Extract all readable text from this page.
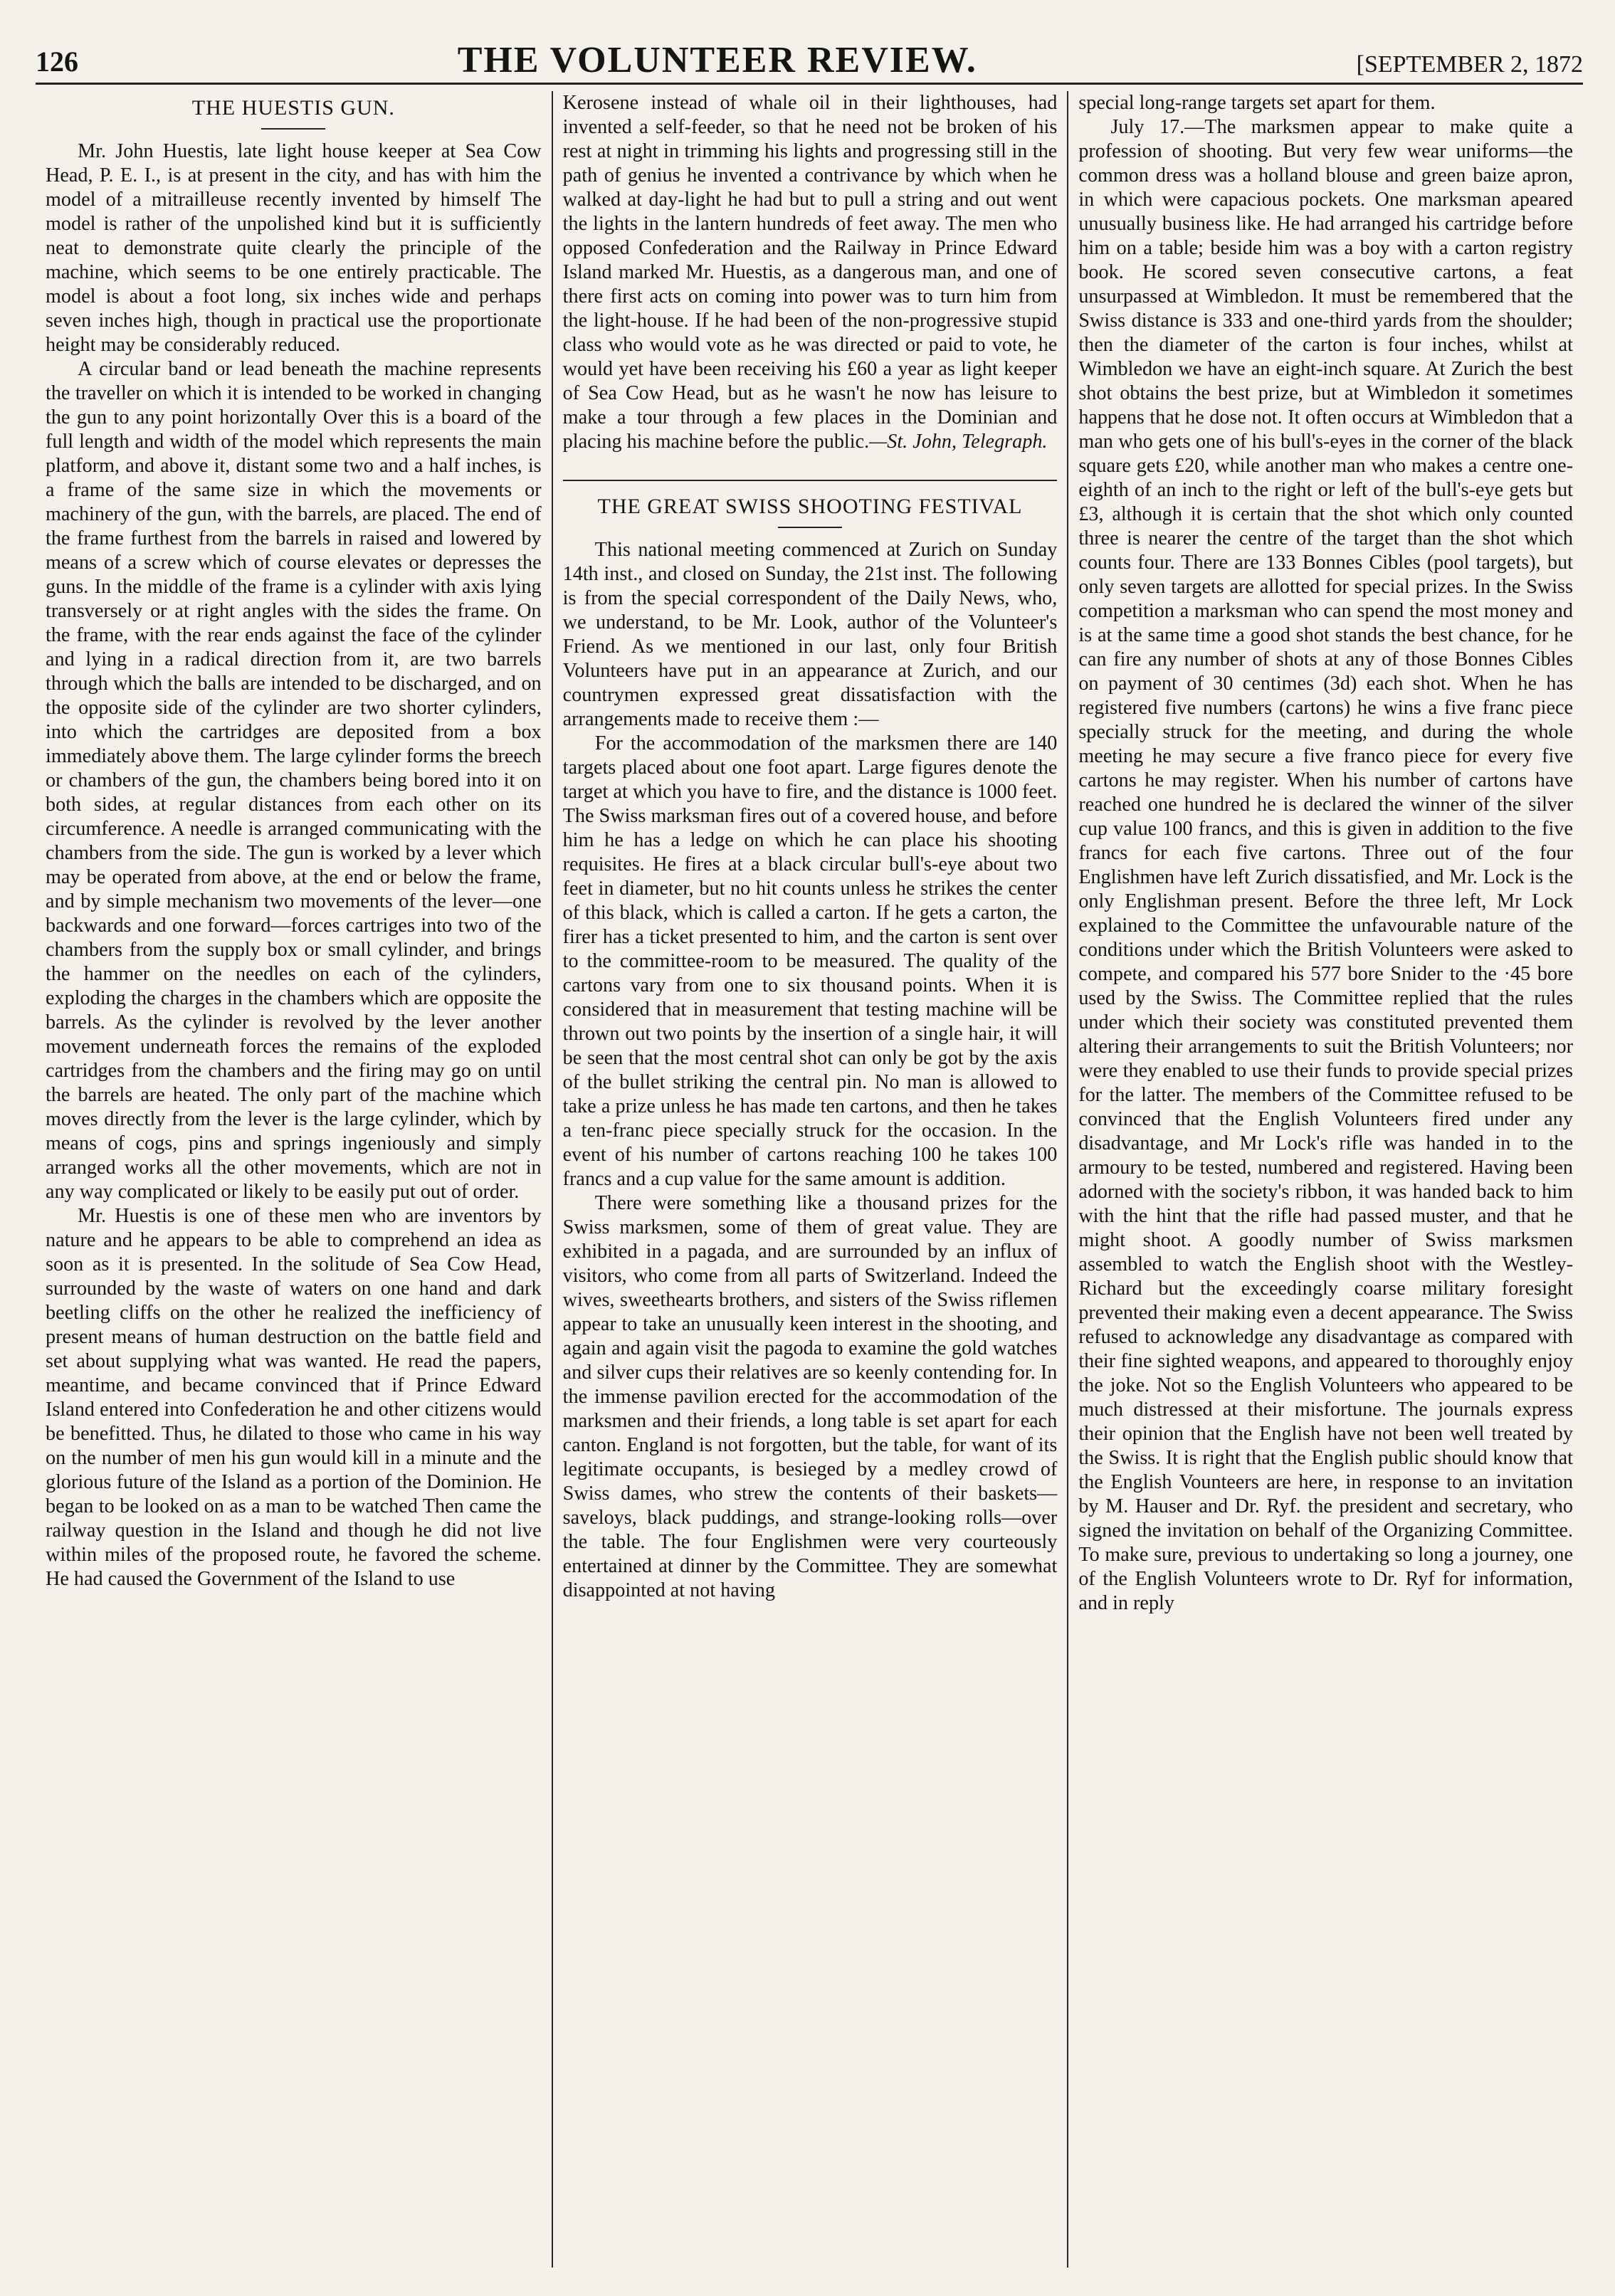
126	THE VOLUNTEER REVIEW.	[SEPTEMBER 2, 1872
THE HUESTIS GUN.

Mr. John Huestis, late light house keeper at Sea Cow Head, P. E. I., is at present in the city, and has with him the model of a mitrailleuse recently invented by himself The model is rather of the unpolished kind but it is sufficiently neat to demonstrate quite clearly the principle of the machine, which seems to be one entirely practicable. The model is about a foot long, six inches wide and perhaps seven inches high, though in practical use the proportionate height may be considerably reduced.

A circular band or lead beneath the machine represents the traveller on which it is intended to be worked in changing the gun to any point horizontally Over this is a board of the full length and width of the model which represents the main platform, and above it, distant some two and a half inches, is a frame of the same size in which the movements or machinery of the gun, with the barrels, are placed. The end of the frame furthest from the barrels in raised and lowered by means of a screw which of course elevates or depresses the guns. In the middle of the frame is a cylinder with axis lying transversely or at right angles with the sides the frame. On the frame, with the rear ends against the face of the cylinder and lying in a radical direction from it, are two barrels through which the balls are intended to be discharged, and on the opposite side of the cylinder are two shorter cylinders, into which the cartridges are deposited from a box immediately above them. The large cylinder forms the breech or chambers of the gun, the chambers being bored into it on both sides, at regular distances from each other on its circumference. A needle is arranged communicating with the chambers from the side. The gun is worked by a lever which may be operated from above, at the end or below the frame, and by simple mechanism two movements of the lever—one backwards and one forward—forces cartriges into two of the chambers from the supply box or small cylinder, and brings the hammer on the needles on each of the cylinders, exploding the charges in the chambers which are opposite the barrels. As the cylinder is revolved by the lever another movement underneath forces the remains of the exploded cartridges from the chambers and the firing may go on until the barrels are heated. The only part of the machine which moves directly from the lever is the large cylinder, which by means of cogs, pins and springs ingeniously and simply arranged works all the other movements, which are not in any way complicated or likely to be easily put out of order.

Mr. Huestis is one of these men who are inventors by nature and he appears to be able to comprehend an idea as soon as it is presented. In the solitude of Sea Cow Head, surrounded by the waste of waters on one hand and dark beetling cliffs on the other he realized the inefficiency of present means of human destruction on the battle field and set about supplying what was wanted. He read the papers, meantime, and became convinced that if Prince Edward Island entered into Confederation he and other citizens would be benefitted. Thus, he dilated to those who came in his way on the number of men his gun would kill in a minute and the glorious future of the Island as a portion of the Dominion. He began to be looked on as a man to be watched Then came the railway question in the Island and though he did not live within miles of the proposed route, he favored the scheme. He had caused the Government of the Island to use

Kerosene instead of whale oil in their lighthouses, had invented a self-feeder, so that he need not be broken of his rest at night in trimming his lights and progressing still in the path of genius he invented a contrivance by which when he walked at day-light he had but to pull a string and out went the lights in the lantern hundreds of feet away. The men who opposed Confederation and the Railway in Prince Edward Island marked Mr. Huestis, as a dangerous man, and one of there first acts on coming into power was to turn him from the light-house. If he had been of the non-progressive stupid class who would vote as he was directed or paid to vote, he would yet have been receiving his £60 a year as light keeper of Sea Cow Head, but as he wasn't he now has leisure to make a tour through a few places in the Dominian and placing his machine before the public.—St. John, Telegraph.

THE GREAT SWISS SHOOTING FESTIVAL

This national meeting commenced at Zurich on Sunday 14th inst., and closed on Sunday, the 21st inst. The following is from the special correspondent of the Daily News, who, we understand, to be Mr. Look, author of the Volunteer's Friend. As we mentioned in our last, only four British Volunteers have put in an appearance at Zurich, and our countrymen expressed great dissatisfaction with the arrangements made to receive them :—

For the accommodation of the marksmen there are 140 targets placed about one foot apart. Large figures denote the target at which you have to fire, and the distance is 1000 feet. The Swiss marksman fires out of a covered house, and before him he has a ledge on which he can place his shooting requisites. He fires at a black circular bull's-eye about two feet in diameter, but no hit counts unless he strikes the center of this black, which is called a carton. If he gets a carton, the firer has a ticket presented to him, and the carton is sent over to the committee-room to be measured. The quality of the cartons vary from one to six thousand points. When it is considered that in measurement that testing machine will be thrown out two points by the insertion of a single hair, it will be seen that the most central shot can only be got by the axis of the bullet striking the central pin. No man is allowed to take a prize unless he has made ten cartons, and then he takes a ten-franc piece specially struck for the occasion. In the event of his number of cartons reaching 100 he takes 100 francs and a cup value for the same amount is addition.

There were something like a thousand prizes for the Swiss marksmen, some of them of great value. They are exhibited in a pagada, and are surrounded by an influx of visitors, who come from all parts of Switzerland. Indeed the wives, sweethearts brothers, and sisters of the Swiss riflemen appear to take an unusually keen interest in the shooting, and again and again visit the pagoda to examine the gold watches and silver cups their relatives are so keenly contending for. In the immense pavilion erected for the accommodation of the marksmen and their friends, a long table is set apart for each canton. England is not forgotten, but the table, for want of its legitimate occupants, is besieged by a medley crowd of Swiss dames, who strew the contents of their baskets—saveloys, black puddings, and strange-looking rolls—over the table. The four Englishmen were very courteously entertained at dinner by the Committee. They are somewhat disappointed at not having

special long-range targets set apart for them.

July 17.—The marksmen appear to make quite a profession of shooting. But very few wear uniforms—the common dress was a holland blouse and green baize apron, in which were capacious pockets. One marksman apeared unusually business like. He had arranged his cartridge before him on a table; beside him was a boy with a carton registry book. He scored seven consecutive cartons, a feat unsurpassed at Wimbledon. It must be remembered that the Swiss distance is 333 and one-third yards from the shoulder; then the diameter of the carton is four inches, whilst at Wimbledon we have an eight-inch square. At Zurich the best shot obtains the best prize, but at Wimbledon it sometimes happens that he dose not. It often occurs at Wimbledon that a man who gets one of his bull's-eyes in the corner of the black square gets £20, while another man who makes a centre one-eighth of an inch to the right or left of the bull's-eye gets but £3, although it is certain that the shot which only counted three is nearer the centre of the target than the shot which counts four. There are 133 Bonnes Cibles (pool targets), but only seven targets are allotted for special prizes. In the Swiss competition a marksman who can spend the most money and is at the same time a good shot stands the best chance, for he can fire any number of shots at any of those Bonnes Cibles on payment of 30 centimes (3d) each shot. When he has registered five numbers (cartons) he wins a five franc piece specially struck for the meeting, and during the whole meeting he may secure a five franco piece for every five cartons he may register. When his number of cartons have reached one hundred he is declared the winner of the silver cup value 100 francs, and this is given in addition to the five francs for each five cartons. Three out of the four Englishmen have left Zurich dissatisfied, and Mr. Lock is the only Englishman present. Before the three left, Mr Lock explained to the Committee the unfavourable nature of the conditions under which the British Volunteers were asked to compete, and compared his 577 bore Snider to the ·45 bore used by the Swiss. The Committee replied that the rules under which their society was constituted prevented them altering their arrangements to suit the British Volunteers; nor were they enabled to use their funds to provide special prizes for the latter. The members of the Committee refused to be convinced that the English Volunteers fired under any disadvantage, and Mr Lock's rifle was handed in to the armoury to be tested, numbered and registered. Having been adorned with the society's ribbon, it was handed back to him with the hint that the rifle had passed muster, and that he might shoot. A goodly number of Swiss marksmen assembled to watch the English shoot with the Westley-Richard but the exceedingly coarse military foresight prevented their making even a decent appearance. The Swiss refused to acknowledge any disadvantage as compared with their fine sighted weapons, and appeared to thoroughly enjoy the joke. Not so the English Volunteers who appeared to be much distressed at their misfortune. The journals express their opinion that the English have not been well treated by the Swiss. It is right that the English public should know that the English Vounteers are here, in response to an invitation by M. Hauser and Dr. Ryf. the president and secretary, who signed the invitation on behalf of the Organizing Committee. To make sure, previous to undertaking so long a journey, one of the English Volunteers wrote to Dr. Ryf for information, and in reply
